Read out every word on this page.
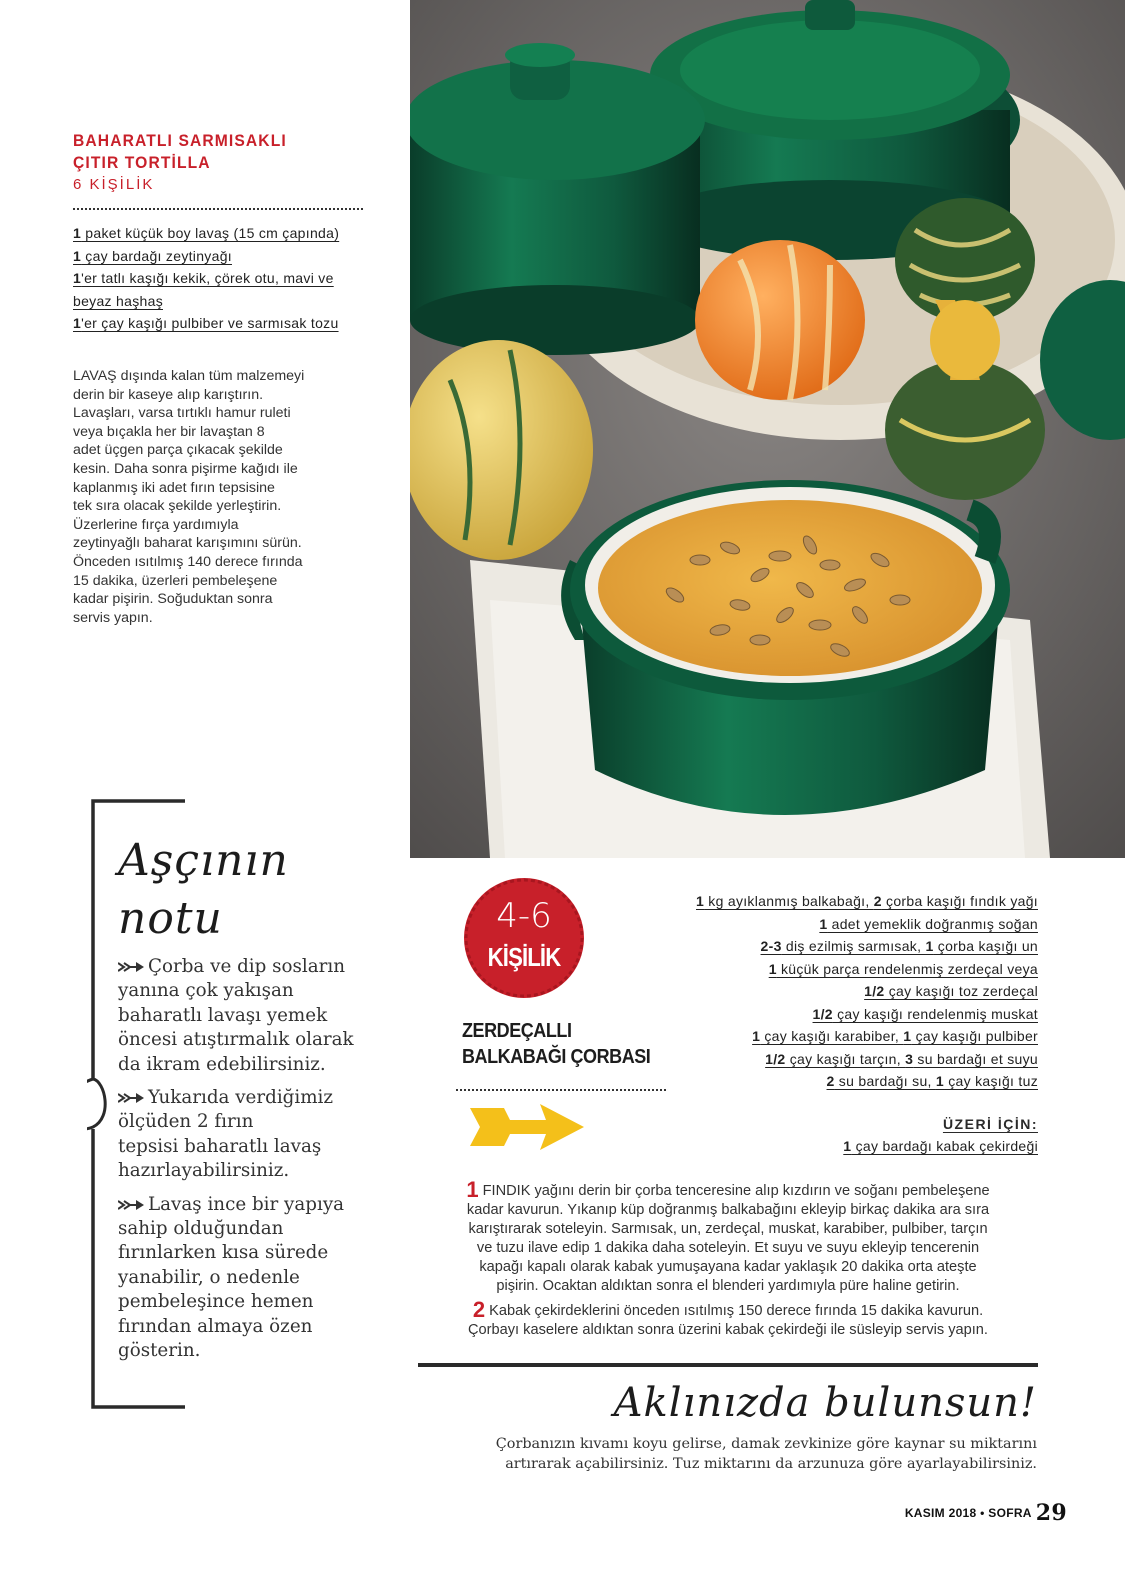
BAHARATLI SARMISAKLI
ÇITIR TORTİLLA
6 KİŞİLİK
1 paket küçük boy lavaş (15 cm çapında)
1 çay bardağı zeytinyağı
1'er tatlı kaşığı kekik, çörek otu, mavi ve
beyaz haşhaş
1'er çay kaşığı pulbiber ve sarmısak tozu
LAVAŞ dışında kalan tüm malzemeyi
derin bir kaseye alıp karıştırın.
Lavaşları, varsa tırtıklı hamur ruleti
veya bıçakla her bir lavaştan 8
adet üçgen parça çıkacak şekilde
kesin. Daha sonra pişirme kağıdı ile
kaplanmış iki adet fırın tepsisine
tek sıra olacak şekilde yerleştirin.
Üzerlerine fırça yardımıyla
zeytinyağlı baharat karışımını sürün.
Önceden ısıtılmış 140 derece fırında
15 dakika, üzerleri pembeleşene
kadar pişirin. Soğuduktan sonra
servis yapın.
Aşçının
notu
Çorba ve dip sosların
yanına çok yakışan
baharatlı lavaşı yemek
öncesi atıştırmalık olarak
da ikram edebilirsiniz.
Yukarıda verdiğimiz
ölçüden 2 fırın
tepsisi baharatlı lavaş
hazırlayabilirsiniz.
Lavaş ince bir yapıya
sahip olduğundan
fırınlarken kısa sürede
yanabilir, o nedenle
pembeleşince hemen
fırından almaya özen
gösterin.
4-6
KİŞİLİK
ZERDEÇALLI
BALKABAĞI ÇORBASI
1 kg ayıklanmış balkabağı, 2 çorba kaşığı fındık yağı
1 adet yemeklik doğranmış soğan
2-3 diş ezilmiş sarmısak, 1 çorba kaşığı un
1 küçük parça rendelenmiş zerdeçal veya
1/2 çay kaşığı toz zerdeçal
1/2 çay kaşığı rendelenmiş muskat
1 çay kaşığı karabiber, 1 çay kaşığı pulbiber
1/2 çay kaşığı tarçın, 3 su bardağı et suyu
2 su bardağı su, 1 çay kaşığı tuz
ÜZERİ İÇİN:
1 çay bardağı kabak çekirdeği
1 FINDIK yağını derin bir çorba tenceresine alıp kızdırın ve soğanı pembeleşene
kadar kavurun. Yıkanıp küp doğranmış balkabağını ekleyip birkaç dakika ara sıra
karıştırarak soteleyin. Sarmısak, un, zerdeçal, muskat, karabiber, pulbiber, tarçın
ve tuzu ilave edip 1 dakika daha soteleyin. Et suyu ve suyu ekleyip tencerenin
kapağı kapalı olarak kabak yumuşayana kadar yaklaşık 20 dakika orta ateşte
pişirin. Ocaktan aldıktan sonra el blenderi yardımıyla püre haline getirin.
2 Kabak çekirdeklerini önceden ısıtılmış 150 derece fırında 15 dakika kavurun.
Çorbayı kaselere aldıktan sonra üzerini kabak çekirdeği ile süsleyip servis yapın.
Aklınızda bulunsun!
Çorbanızın kıvamı koyu gelirse, damak zevkinize göre kaynar su miktarını
artırarak açabilirsiniz. Tuz miktarını da arzunuza göre ayarlayabilirsiniz.
KASIM 2018 • SOFRA 29
